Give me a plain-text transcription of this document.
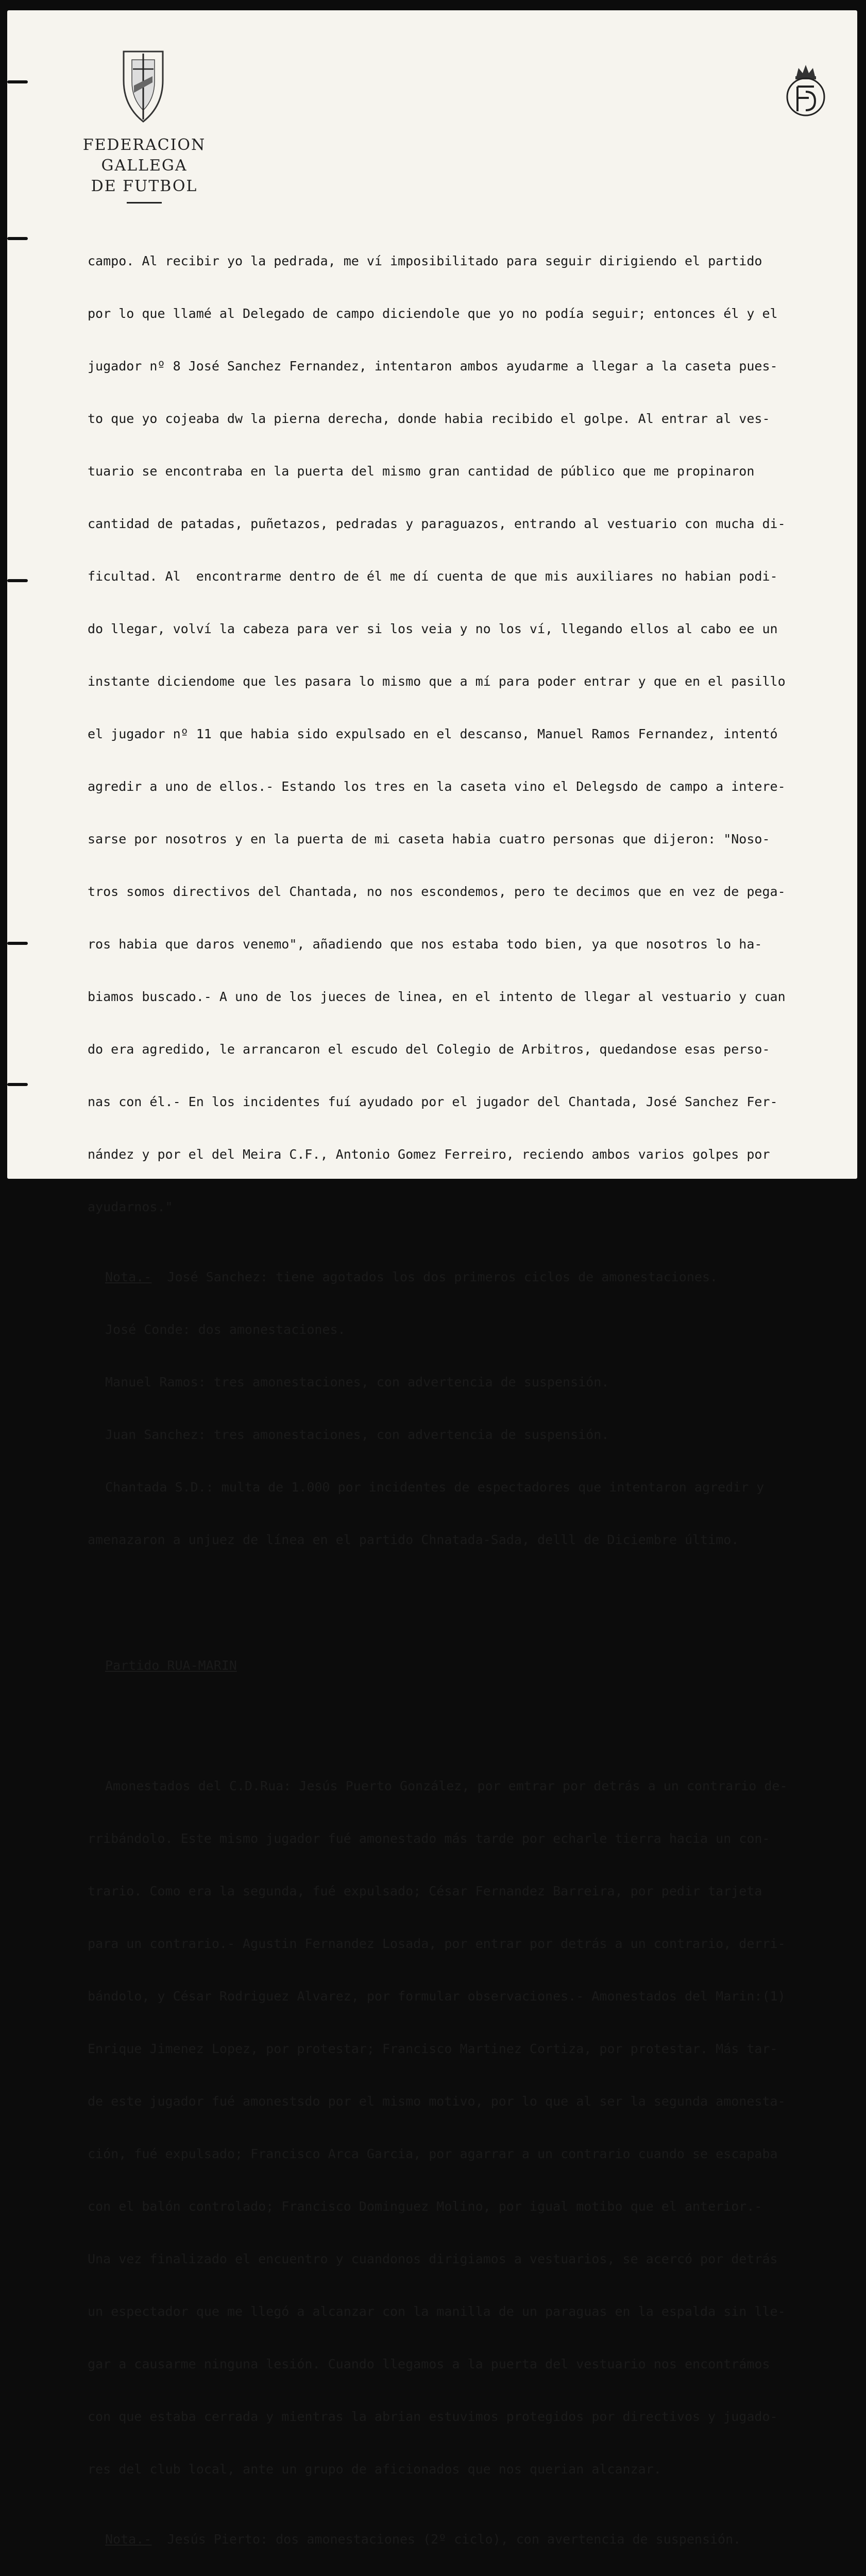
FEDERACION GALLEGA
DE FUTBOL

campo. Al recibir yo la pedrada, me ví imposibilitado para seguir dirigiendo el partido

por lo que llamé al Delegado de campo diciendole que yo no podía seguir; entonces él y el

jugador nº 8 José Sanchez Fernandez, intentaron ambos ayudarme a llegar a la caseta pues-

to que yo cojeaba dw la pierna derecha, donde habia recibido el golpe. Al entrar al ves-

tuario se encontraba en la puerta del mismo gran cantidad de público que me propinaron

cantidad de patadas, puñetazos, pedradas y paraguazos, entrando al vestuario con mucha di-

ficultad. Al  encontrarme dentro de él me dí cuenta de que mis auxiliares no habian podi-

do llegar, volví la cabeza para ver si los veia y no los ví, llegando ellos al cabo ee un

instante diciendome que les pasara lo mismo que a mí para poder entrar y que en el pasillo

el jugador nº 11 que habia sido expulsado en el descanso, Manuel Ramos Fernandez, intentó

agredir a uno de ellos.- Estando los tres en la caseta vino el Delegsdo de campo a intere-

sarse por nosotros y en la puerta de mi caseta habia cuatro personas que dijeron: "Noso-

tros somos directivos del Chantada, no nos escondemos, pero te decimos que en vez de pega-

ros habia que daros venemo", añadiendo que nos estaba todo bien, ya que nosotros lo ha-

biamos buscado.- A uno de los jueces de linea, en el intento de llegar al vestuario y cuan

do era agredido, le arrancaron el escudo del Colegio de Arbitros, quedandose esas perso-

nas con él.- En los incidentes fuí ayudado por el jugador del Chantada, José Sanchez Fer-

nández y por el del Meira C.F., Antonio Gomez Ferreiro, reciendo ambos varios golpes por

ayudarnos."

Nota.-  José Sanchez: tiene agotados los dos primeros ciclos de amonestaciones.

José Conde: dos amonestaciones.

Manuel Ramos: tres amonestaciones, con advertencia de suspensión.

Juan Sanchez: tres amonestaciones, con advertencia de suspensión.

Chantada S.D.: multa de 1.000 por incidentes de espectadores que intentaron agredir y

amenazaron a unjuez de línea en el partido Chnatada-Sada, delll de Diciembre último.

Partido RUA-MARIN

Amonestados del C.D.Rua: Jesús Puerto González, por emtrar por detrás a un contrario de-

rribándolo. Este mismo jugador fué amonestado más tarde por echarle tierra hacia un con-

trario. Como era la segunda, fué expulsado; César Fernandez Barreira, por pedir tarjeta

para un contrario.- Agustin Fernandez Losada, por entrar por detrás a un contrario, derri-

bándolo, y César Rodriguez Alvarez, por formular observaciones.- Amonestados del Marin:(1)

Enrique Jimenez Lopez, por protestar; Francisco Martinez Cortiza, por protestar. Más tar-

de este jugador fué amonestsdo por el mismo motivo, por lo que al ser la segunda amonesta-

ción, fué expulsado; Francisco Arca Garcia, por agarrar a un contrario cuando se escapaba

con el balón controlado; Francisco Dominguez Molino, por igual motibo que el anterior.-

Una vez finalizado el encuentro y cuandonos dirigiamos a vestuarios, se acercó por detrás

un espectador que me llegó a alcanzar con la manilla de un paraguas en la espalda sin lle-

gar a causarme ninguna lesión. Cuando llegamos a la puerta del vestuario nos encontrámos

con que estaba cerrada y mientras la abrian estuvimos protegidos por directivos y jugado-

res del club local, ante un grupo de aficionados que nos querian alcanzar.

Nota.-  Jesús Pierto: dos amonestaciones (2º ciclo), con avertencia de suspensión.
